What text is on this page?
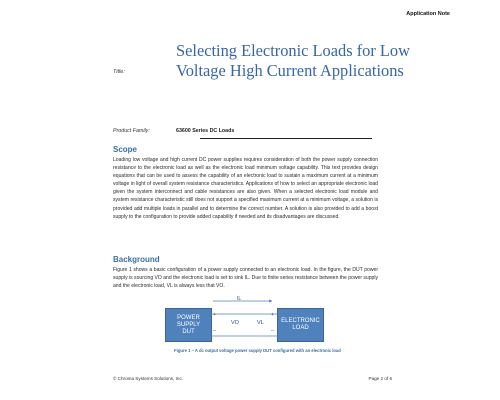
Application Note
Title:
Selecting Electronic Loads for Low Voltage High Current Applications
Product Family:	63600 Series DC Loads
Scope
Loading low voltage and high current DC power supplies requires consideration of both the power supply connection resistance to the electronic load as well as the electronic load minimum voltage capability. This text provides design equations that can be used to assess the capability of an electronic load to sustain a maximum current at a minimum voltage in light of overall system resistance characteristics. Applications of how to select an appropriate electronic load given the system interconnect and cable resistances are also given. When a selected electronic load module and system resistance characteristic still does not support a specified maximum current at a minimum voltage, a solution is provided add multiple loads in parallel and to determine the correct number. A solution is also provided to add a boost supply to the configuration to provide added capability if needed and its disadvantages are discussed.
Background
Figure 1 shows a basic configuration of a power supply connected to an electronic load. In the figure, the DUT power supply is sourcing VO and the electronic load is set to sink IL. Due to finite series resistance between the power supply and the electronic load, VL is always less that VO.
POWER
SUPPLY
DUT
ELECTRONIC
LOAD
IL
VO	VL
+
_
+
_
Figure 1 – A dc output voltage power supply DUT configured with an electronic load
© Chroma Systems Solutions, Inc.	Page 2 of 6
